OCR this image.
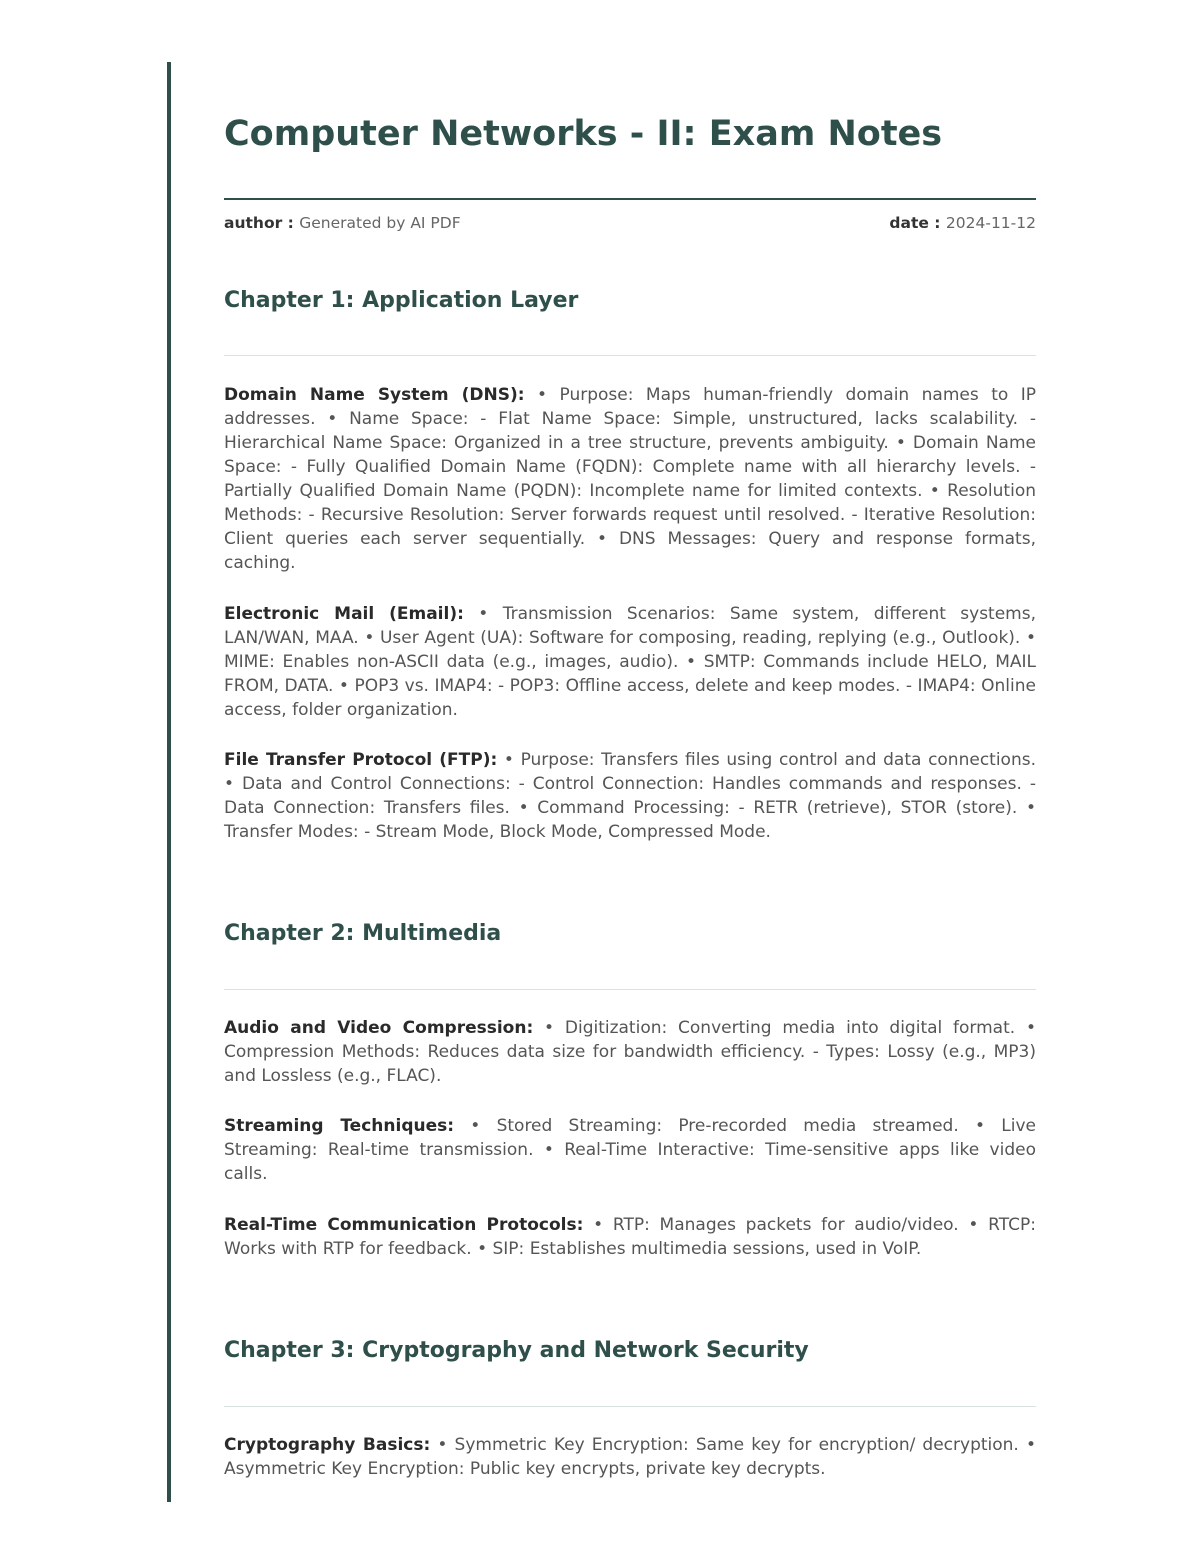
Computer Networks - II: Exam Notes
author : Generated by AI PDF	date : 2024-11-12
Chapter 1: Application Layer

Domain Name System (DNS): • Purpose: Maps human-friendly domain names to IP addresses. • Name Space: - Flat Name Space: Simple, unstructured, lacks scalability. - Hierarchical Name Space: Organized in a tree structure, prevents ambiguity. • Domain Name Space: - Fully Qualified Domain Name (FQDN): Complete name with all hierarchy levels. - Partially Qualified Domain Name (PQDN): Incomplete name for limited contexts. • Resolution Methods: - Recursive Resolution: Server forwards request until resolved. - Iterative Resolution: Client queries each server sequentially. • DNS Messages: Query and response formats, caching.

Electronic Mail (Email): • Transmission Scenarios: Same system, different systems, LAN/WAN, MAA. • User Agent (UA): Software for composing, reading, replying (e.g., Outlook). • MIME: Enables non-ASCII data (e.g., images, audio). • SMTP: Commands include HELO, MAIL FROM, DATA. • POP3 vs. IMAP4: - POP3: Offline access, delete and keep modes. - IMAP4: Online access, folder organization.

File Transfer Protocol (FTP): • Purpose: Transfers files using control and data connections. • Data and Control Connections: - Control Connection: Handles commands and responses. - Data Connection: Transfers files. • Command Processing: - RETR (retrieve), STOR (store). • Transfer Modes: - Stream Mode, Block Mode, Compressed Mode.

Chapter 2: Multimedia

Audio and Video Compression: • Digitization: Converting media into digital format. • Compression Methods: Reduces data size for bandwidth efficiency. - Types: Lossy (e.g., MP3) and Lossless (e.g., FLAC).

Streaming Techniques: • Stored Streaming: Pre-recorded media streamed. • Live Streaming: Real-time transmission. • Real-Time Interactive: Time-sensitive apps like video calls.

Real-Time Communication Protocols: • RTP: Manages packets for audio/video. • RTCP: Works with RTP for feedback. • SIP: Establishes multimedia sessions, used in VoIP.

Chapter 3: Cryptography and Network Security

Cryptography Basics: • Symmetric Key Encryption: Same key for encryption/ decryption. • Asymmetric Key Encryption: Public key encrypts, private key decrypts.
